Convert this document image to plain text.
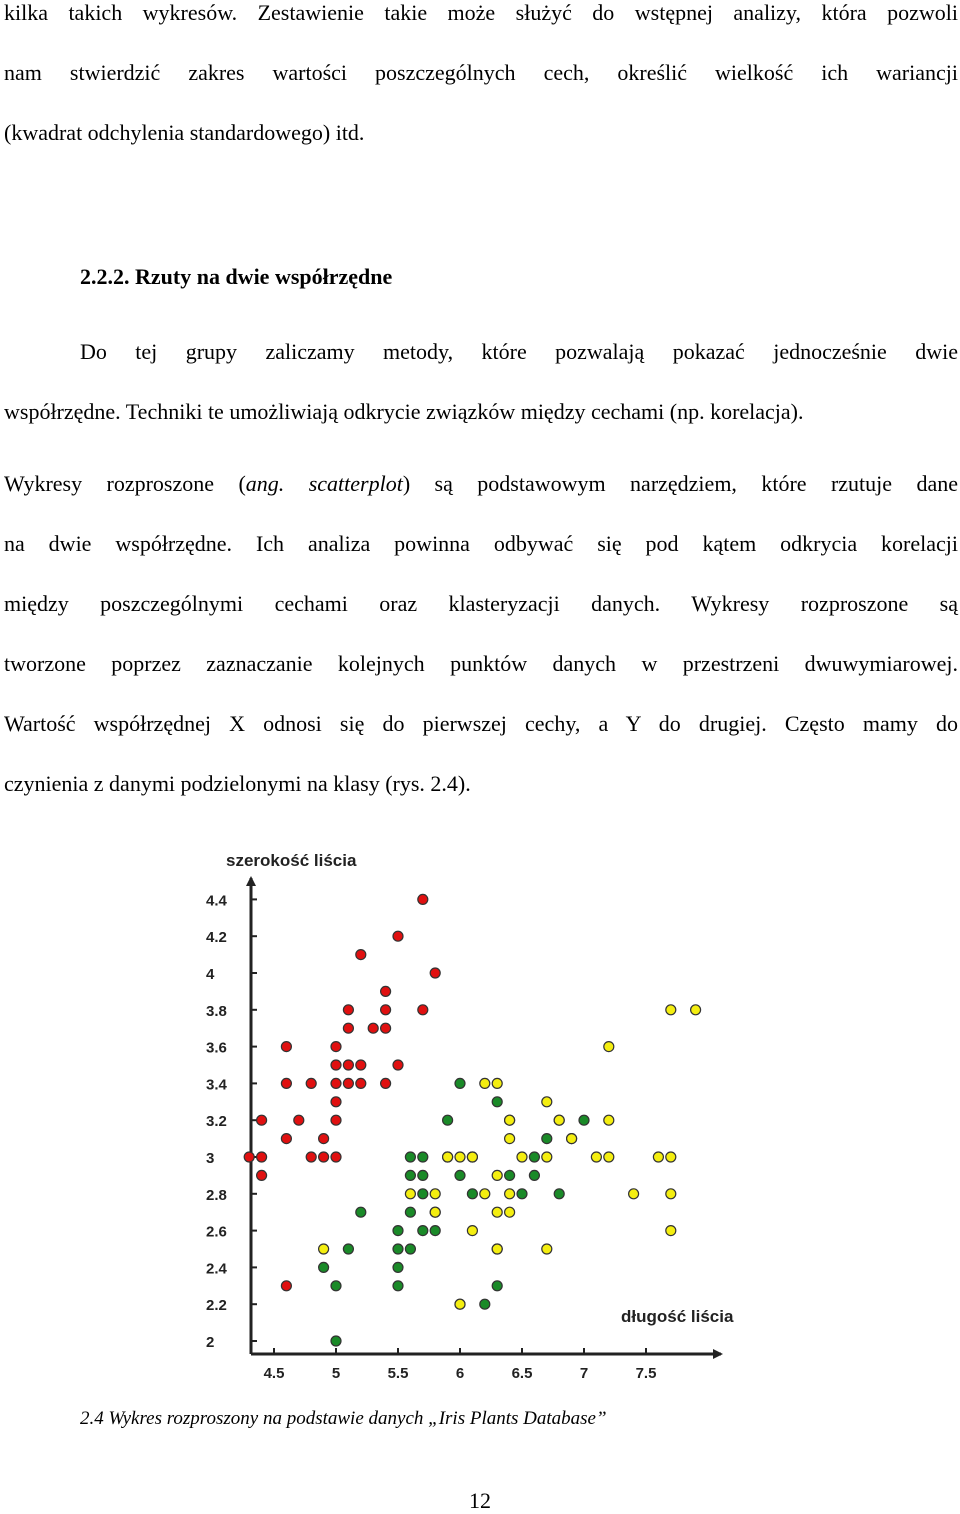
kilka takich wykresów. Zestawienie takie może służyć do wstępnej analizy, która pozwoli
nam stwierdzić zakres wartości poszczególnych cech, określić wielkość ich wariancji
(kwadrat odchylenia standardowego) itd.

2.2.2. Rzuty na dwie współrzędne

Do tej grupy zaliczamy metody, które pozwalają pokazać jednocześnie dwie
współrzędne. Techniki te umożliwiają odkrycie związków między cechami (np. korelacja).
Wykresy rozproszone (ang. scatterplot) są podstawowym narzędziem, które rzutuje dane
na dwie współrzędne. Ich analiza powinna odbywać się pod kątem odkrycia korelacji
między poszczególnymi cechami oraz klasteryzacji danych. Wykresy rozproszone są
tworzone poprzez zaznaczanie kolejnych punktów danych w przestrzeni dwuwymiarowej.
Wartość współrzędnej X odnosi się do pierwszej cechy, a Y do drugiej. Często mamy do
czynienia z danymi podzielonymi na klasy (rys. 2.4).
4.4
4.2
4
3.8
3.6
3.4
3.2
3
2.8
2.6
2.4
2.2
2
4.5	5	5.5	6	6.5	7	7.5
szerokość liścia
długość liścia

2.4 Wykres rozproszony na podstawie danych „Iris Plants Database”

12
